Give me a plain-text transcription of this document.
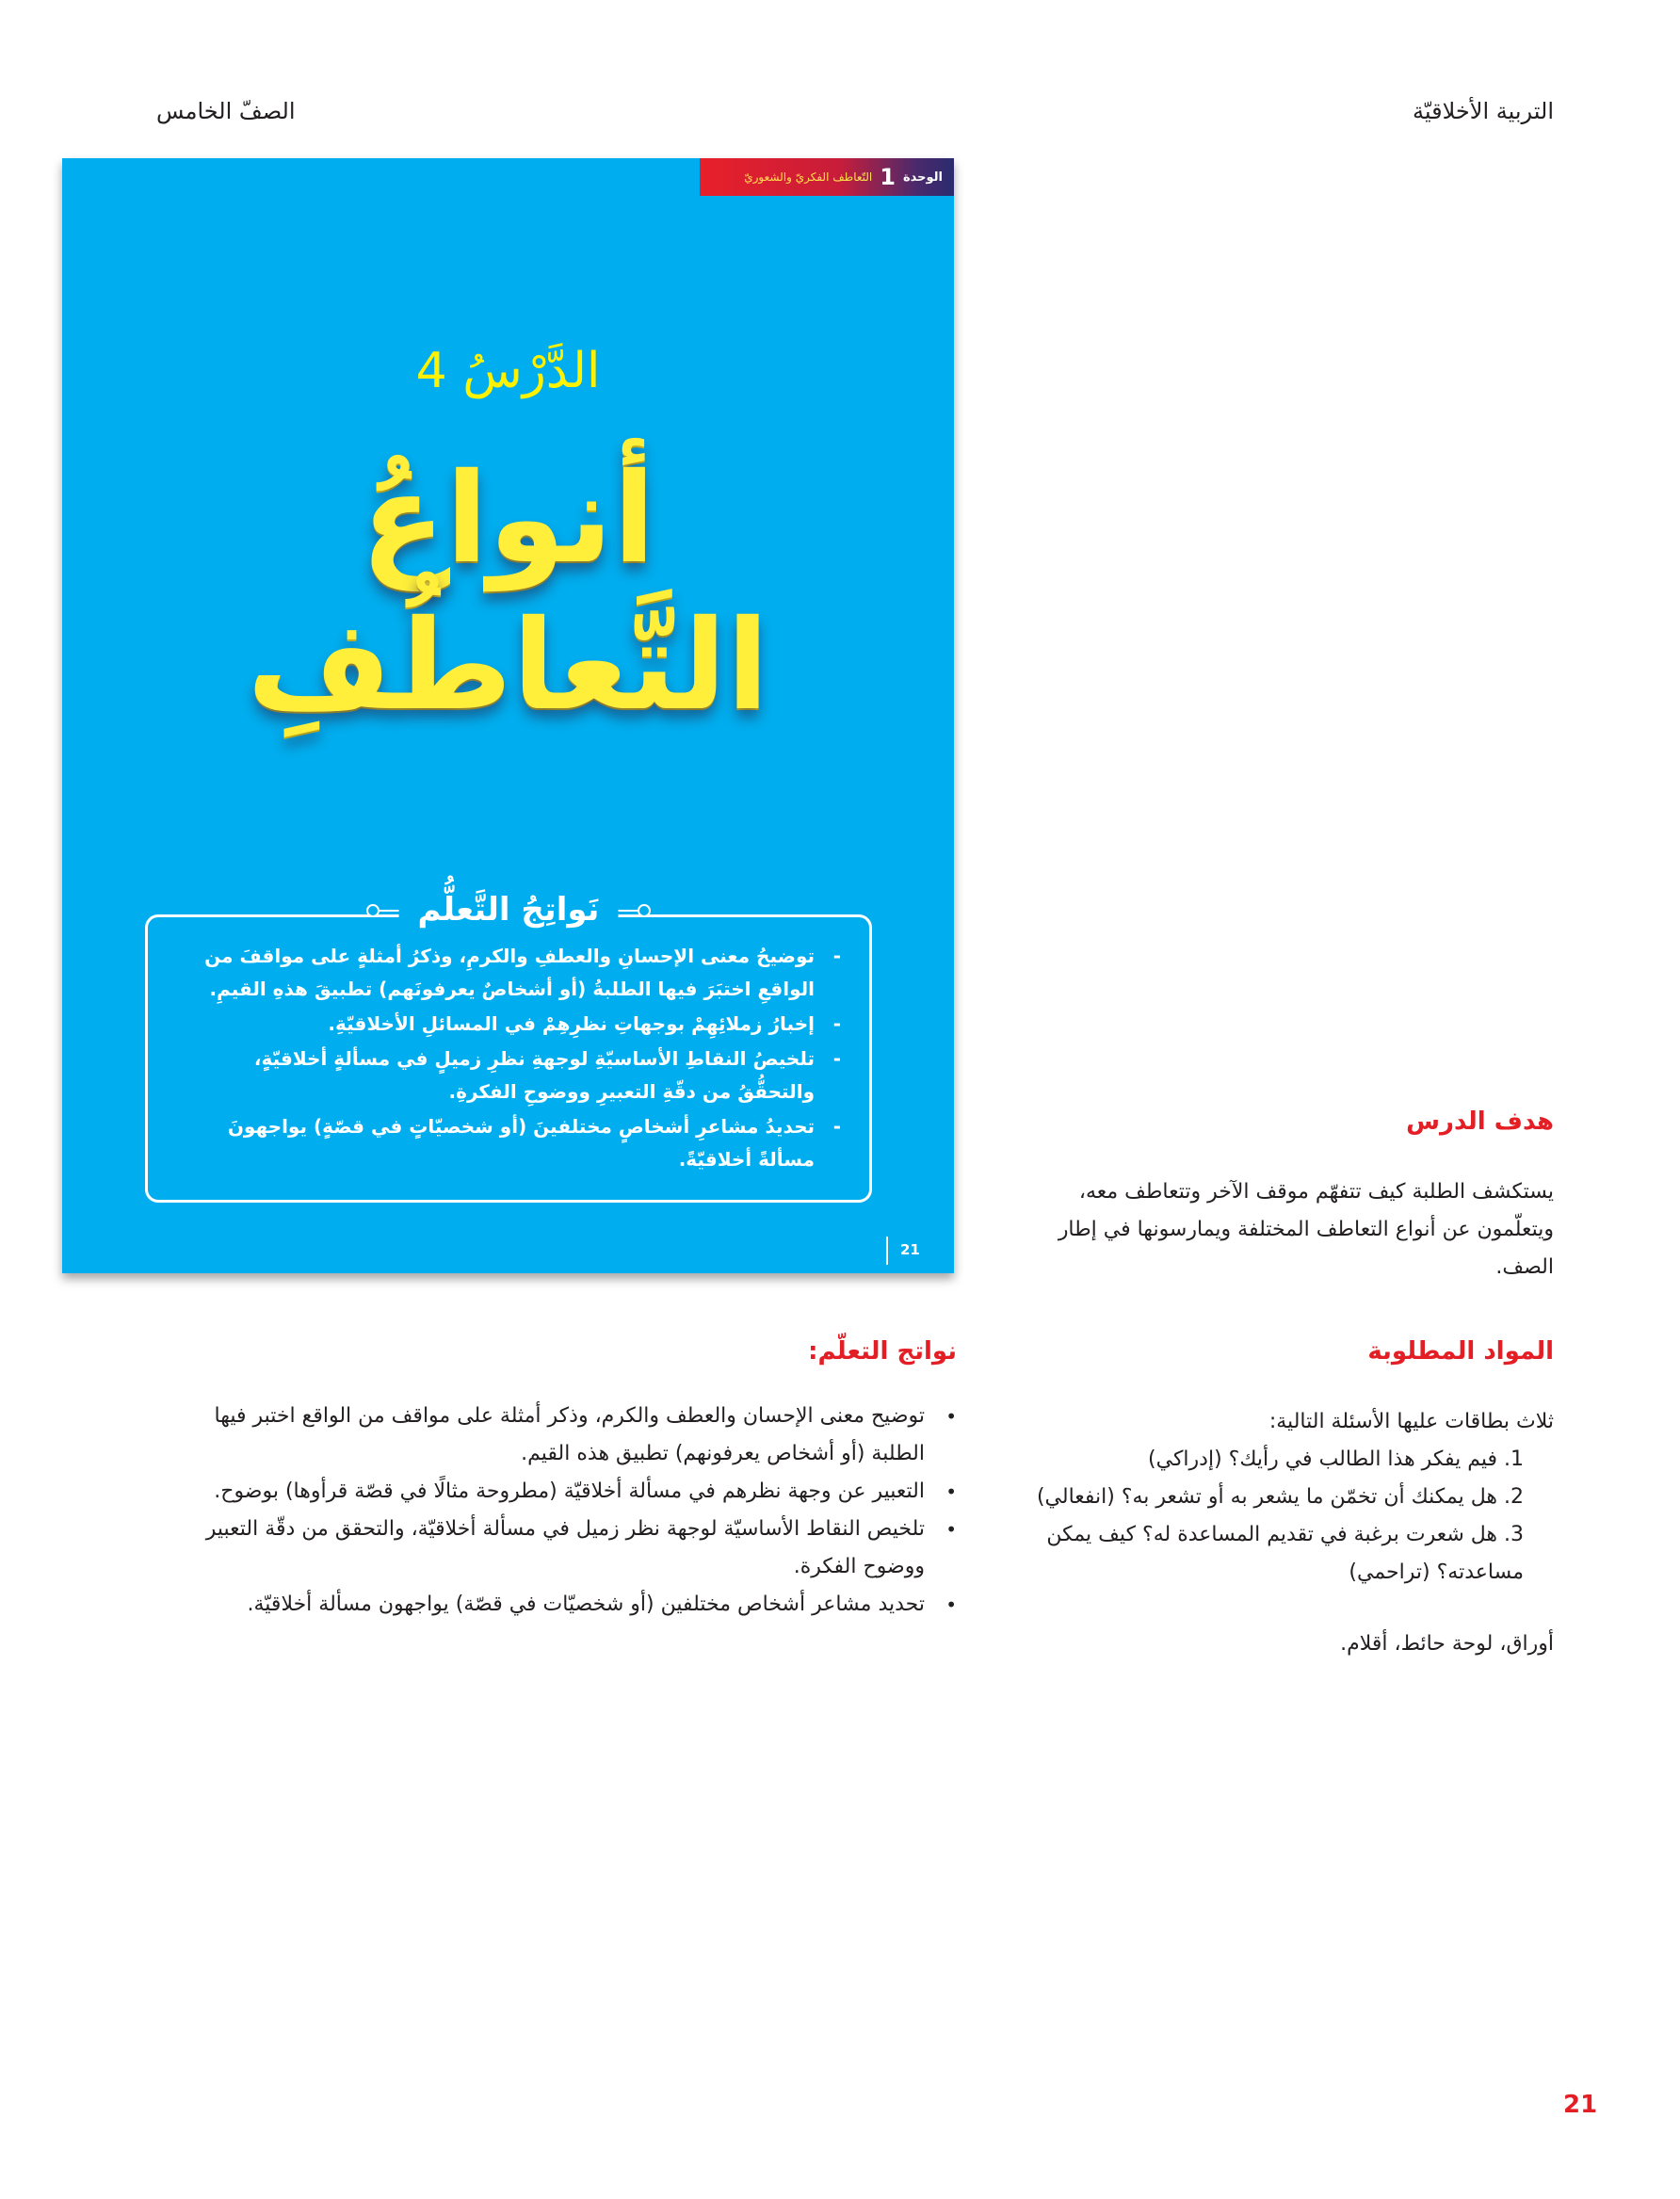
التربية الأخلاقيّة
الصفّ الخامس
الوحدة
1
التّعاطف الفكريّ والشعوريّ
الدَّرْسُ 4
أنواعُ
التَّعاطُفِ
نَواتِجُ التَّعلُّم
- توضيحُ معنى الإحسانِ والعطفِ والكرمِ، وذكرُ أمثلةٍ على مواقفَ من الواقعِ اختبَرَ فيها الطلبةُ (أو أشخاصٌ يعرفونَهم) تطبيقَ هذهِ القيمِ.
- إخبارُ زملائِهِمْ بوجهاتِ نظرِهِمْ في المسائلِ الأخلاقيّةِ.
- تلخيصُ النقاطِ الأساسيّةِ لوجهةِ نظرِ زميلٍ في مسألةٍ أخلاقيّةٍ، والتحقُّقُ من دقّةِ التعبيرِ ووضوحِ الفكرةِ.
- تحديدُ مشاعرِ أشخاصٍ مختلفينَ (أو شخصيّاتٍ في قصّةٍ) يواجهونَ مسألةً أخلاقيّةً.
21
هدف الدرس
يستكشف الطلبة كيف تتفهّم موقف الآخر وتتعاطف معه، ويتعلّمون عن أنواع التعاطف المختلفة ويمارسونها في إطار الصف.
المواد المطلوبة
ثلاث بطاقات عليها الأسئلة التالية:
1. فيم يفكر هذا الطالب في رأيك؟ (إدراكي)
2. هل يمكنك أن تخمّن ما يشعر به أو تشعر به؟ (انفعالي)
3. هل شعرت برغبة في تقديم المساعدة له؟ كيف يمكن مساعدته؟ (تراحمي)
أوراق، لوحة حائط، أقلام.
نواتج التعلّم:
• توضيح معنى الإحسان والعطف والكرم، وذكر أمثلة على مواقف من الواقع اختبر فيها الطلبة (أو أشخاص يعرفونهم) تطبيق هذه القيم.
• التعبير عن وجهة نظرهم في مسألة أخلاقيّة (مطروحة مثالًا في قصّة قرأوها) بوضوح.
• تلخيص النقاط الأساسيّة لوجهة نظر زميل في مسألة أخلاقيّة، والتحقق من دقّة التعبير ووضوح الفكرة.
• تحديد مشاعر أشخاص مختلفين (أو شخصيّات في قصّة) يواجهون مسألة أخلاقيّة.
21
